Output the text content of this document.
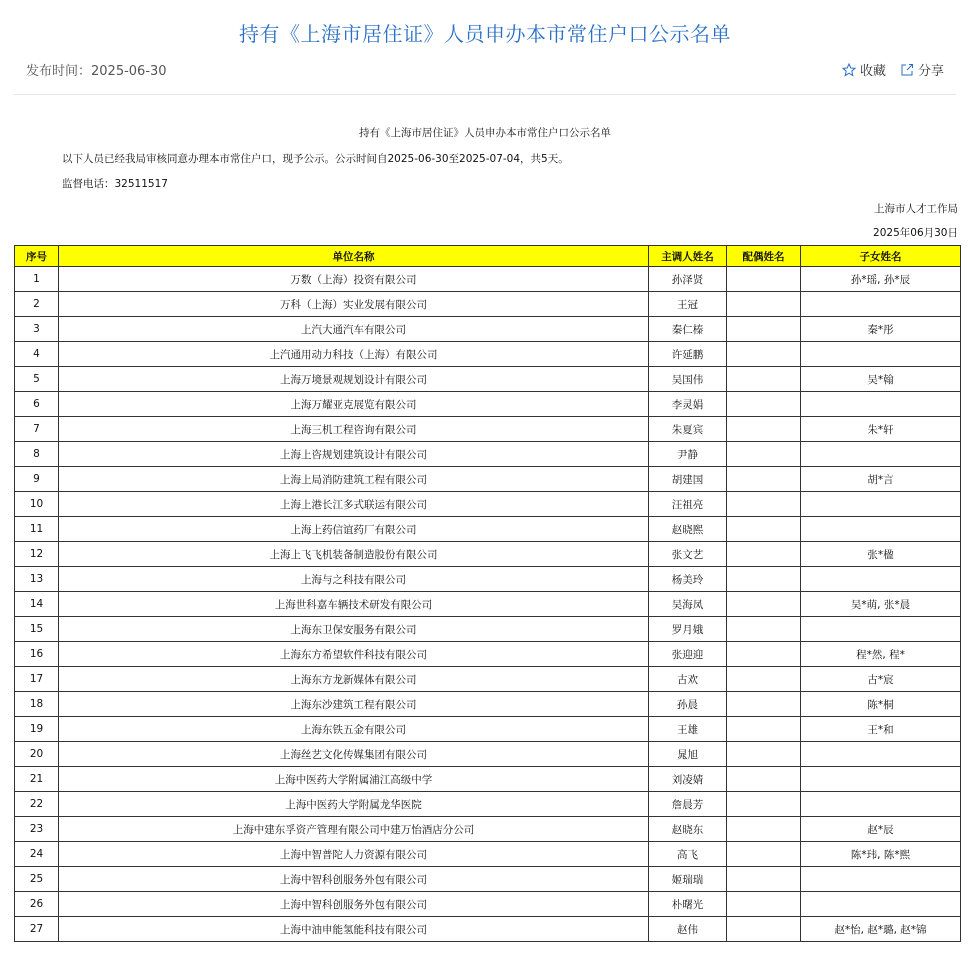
持有《上海市居住证》人员申办本市常住户口公示名单
发布时间：2025-06-30	收藏 分享
持有《上海市居住证》人员申办本市常住户口公示名单
以下人员已经我局审核同意办理本市常住户口，现予公示。公示时间自2025-06-30至2025-07-04，共5天。
监督电话：32511517
上海市人才工作局
2025年06月30日
序号	单位名称	主调人姓名	配偶姓名	子女姓名
1	万数（上海）投资有限公司	孙泽贤		孙*瑶, 孙*辰
2	万科（上海）实业发展有限公司	王冠		
3	上汽大通汽车有限公司	秦仁榛		秦*彤
4	上汽通用动力科技（上海）有限公司	许延鹏		
5	上海万境景观规划设计有限公司	吴国伟		吴*翰
6	上海万耀亚克展览有限公司	李灵娟		
7	上海三机工程咨询有限公司	朱夏宾		朱*轩
8	上海上咨规划建筑设计有限公司	尹静		
9	上海上局消防建筑工程有限公司	胡建国		胡*言
10	上海上港长江多式联运有限公司	汪祖亮		
11	上海上药信谊药厂有限公司	赵晓熙		
12	上海上飞飞机装备制造股份有限公司	张文艺		张*楹
13	上海与之科技有限公司	杨美玲		
14	上海世科嘉车辆技术研发有限公司	吴海凤		吴*萌, 张*晨
15	上海东卫保安服务有限公司	罗月娥		
16	上海东方希望软件科技有限公司	张迎迎		程*然, 程*
17	上海东方龙新媒体有限公司	古欢		古*宸
18	上海东沙建筑工程有限公司	孙晨		陈*桐
19	上海东铁五金有限公司	王雄		王*和
20	上海丝艺文化传媒集团有限公司	晁旭		
21	上海中医药大学附属浦江高级中学	刘凌婧		
22	上海中医药大学附属龙华医院	詹晨芳		
23	上海中建东孚资产管理有限公司中建万怡酒店分公司	赵晓东		赵*辰
24	上海中智普陀人力资源有限公司	高飞		陈*玮, 陈*熙
25	上海中智科创服务外包有限公司	姬瑞瑞		
26	上海中智科创服务外包有限公司	朴曙光		
27	上海中油申能氢能科技有限公司	赵伟		赵*怡, 赵*璐, 赵*锦
